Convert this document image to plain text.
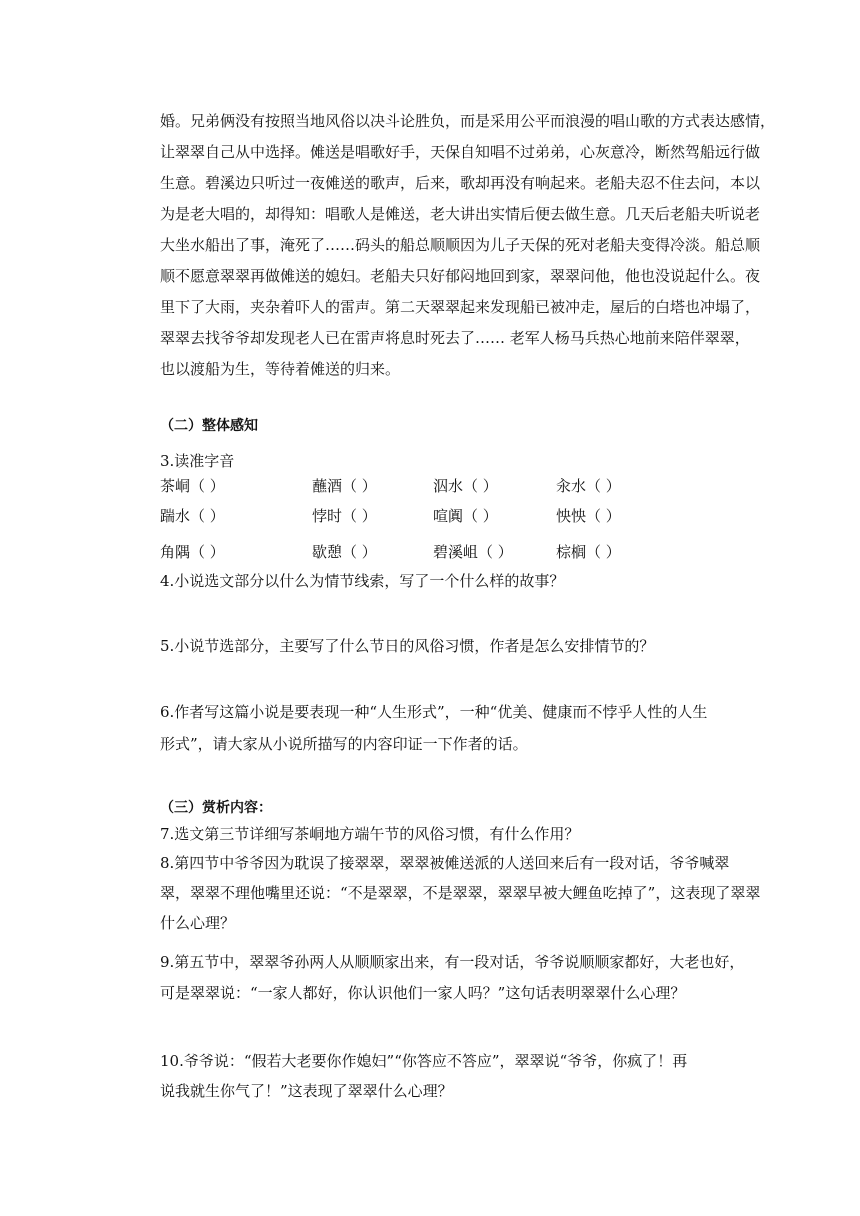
婚。兄弟俩没有按照当地风俗以决斗论胜负，而是采用公平而浪漫的唱山歌的方式表达感情，
让翠翠自己从中选择。傩送是唱歌好手，天保自知唱不过弟弟，心灰意冷，断然驾船远行做
生意。碧溪边只听过一夜傩送的歌声，后来，歌却再没有响起来。老船夫忍不住去问，本以
为是老大唱的，却得知：唱歌人是傩送，老大讲出实情后便去做生意。几天后老船夫听说老
大坐水船出了事，淹死了……码头的船总顺顺因为儿子天保的死对老船夫变得冷淡。船总顺
顺不愿意翠翠再做傩送的媳妇。老船夫只好郁闷地回到家，翠翠问他，他也没说起什么。夜
里下了大雨，夹杂着吓人的雷声。第二天翠翠起来发现船已被冲走，屋后的白塔也冲塌了，
翠翠去找爷爷却发现老人已在雷声将息时死去了…… 老军人杨马兵热心地前来陪伴翠翠，
也以渡船为生，等待着傩送的归来。
（二）整体感知
3.读准字音
茶峒（ ）	蘸酒（ ）	泅水（ ）	汆水（ ）
踹水（ ）	悖时（ ）	喧阗（ ）	怏怏（ ）
角隅（ ）	歇憩（ ）	碧溪岨（ ）	棕榈（ ）
4.小说选文部分以什么为情节线索，写了一个什么样的故事？
5.小说节选部分，主要写了什么节日的风俗习惯，作者是怎么安排情节的？
6.作者写这篇小说是要表现一种“人生形式”，一种“优美、健康而不悖乎人性的人生
形式”，请大家从小说所描写的内容印证一下作者的话。
（三）赏析内容：
7.选文第三节详细写茶峒地方端午节的风俗习惯，有什么作用？
8.第四节中爷爷因为耽误了接翠翠，翠翠被傩送派的人送回来后有一段对话，爷爷喊翠
翠，翠翠不理他嘴里还说：“不是翠翠，不是翠翠，翠翠早被大鲤鱼吃掉了”，这表现了翠翠
什么心理？
9.第五节中，翠翠爷孙两人从顺顺家出来，有一段对话，爷爷说顺顺家都好，大老也好，
可是翠翠说：“一家人都好，你认识他们一家人吗？”这句话表明翠翠什么心理？
10.爷爷说：“假若大老要你作媳妇”“你答应不答应”，翠翠说“爷爷，你疯了！再
说我就生你气了！”这表现了翠翠什么心理？
